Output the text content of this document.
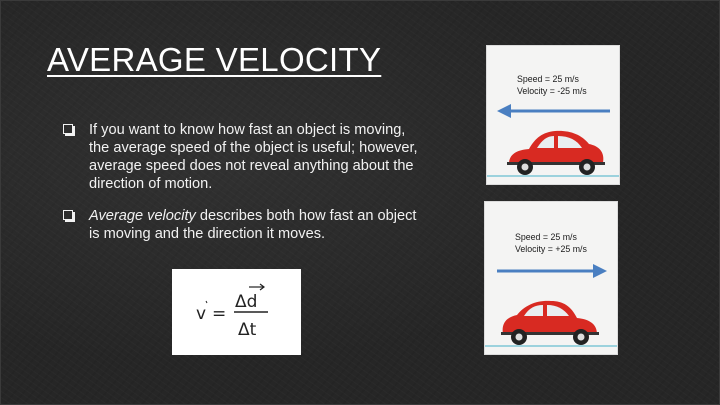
AVERAGE VELOCITY
If you want to know how fast an object is moving, the average speed of the object is useful; however, average speed does not reveal anything about the direction of motion.
Average velocity describes both how fast an object is moving and the direction it moves.
v =
Δd
Δt
Speed = 25 m/s
Velocity = -25 m/s
Speed = 25 m/s
Velocity = +25 m/s
